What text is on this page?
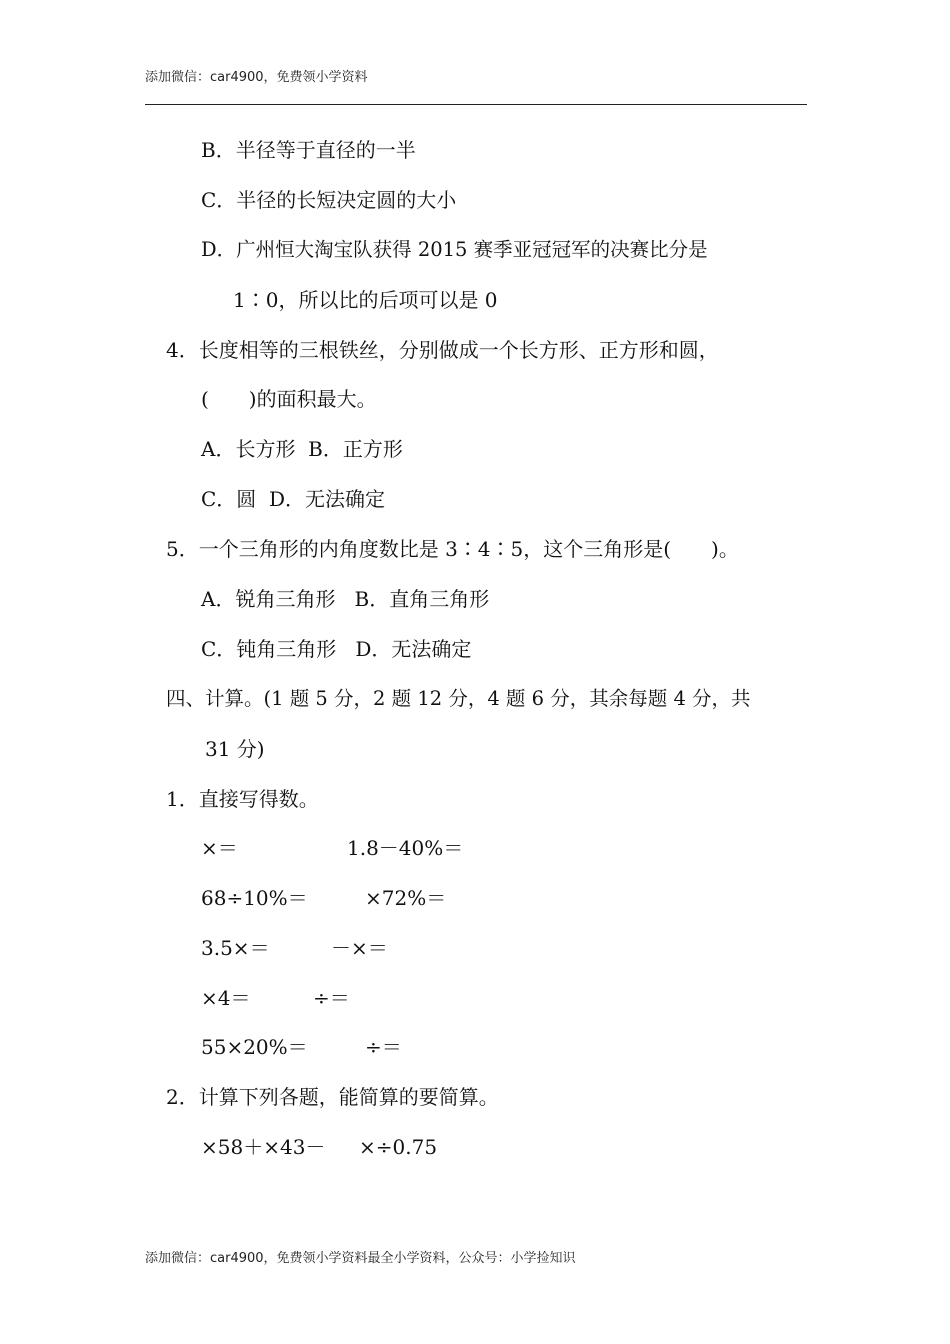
添加微信：car4900，免费领小学资料
B．半径等于直径的一半
C．半径的长短决定圆的大小
D．广州恒大淘宝队获得 2015 赛季亚冠冠军的决赛比分是
1∶0，所以比的后项可以是 0
4．长度相等的三根铁丝，分别做成一个长方形、正方形和圆，
(　　)的面积最大。
A．长方形  B．正方形
C．圆  D．无法确定
5．一个三角形的内角度数比是 3∶4∶5，这个三角形是(　　)。
A．锐角三角形   B．直角三角形
C．钝角三角形   D．无法确定
四、计算。(1 题 5 分，2 题 12 分，4 题 6 分，其余每题 4 分，共
31 分)
1．直接写得数。
×＝	1.8－40%＝
68÷10%＝	×72%＝
3.5×＝	－×＝
×4＝	÷＝
55×20%＝	÷＝
2．计算下列各题，能简算的要简算。
×58＋×43－ ×÷0.75
添加微信：car4900，免费领小学资料最全小学资料，公众号：小学捡知识
